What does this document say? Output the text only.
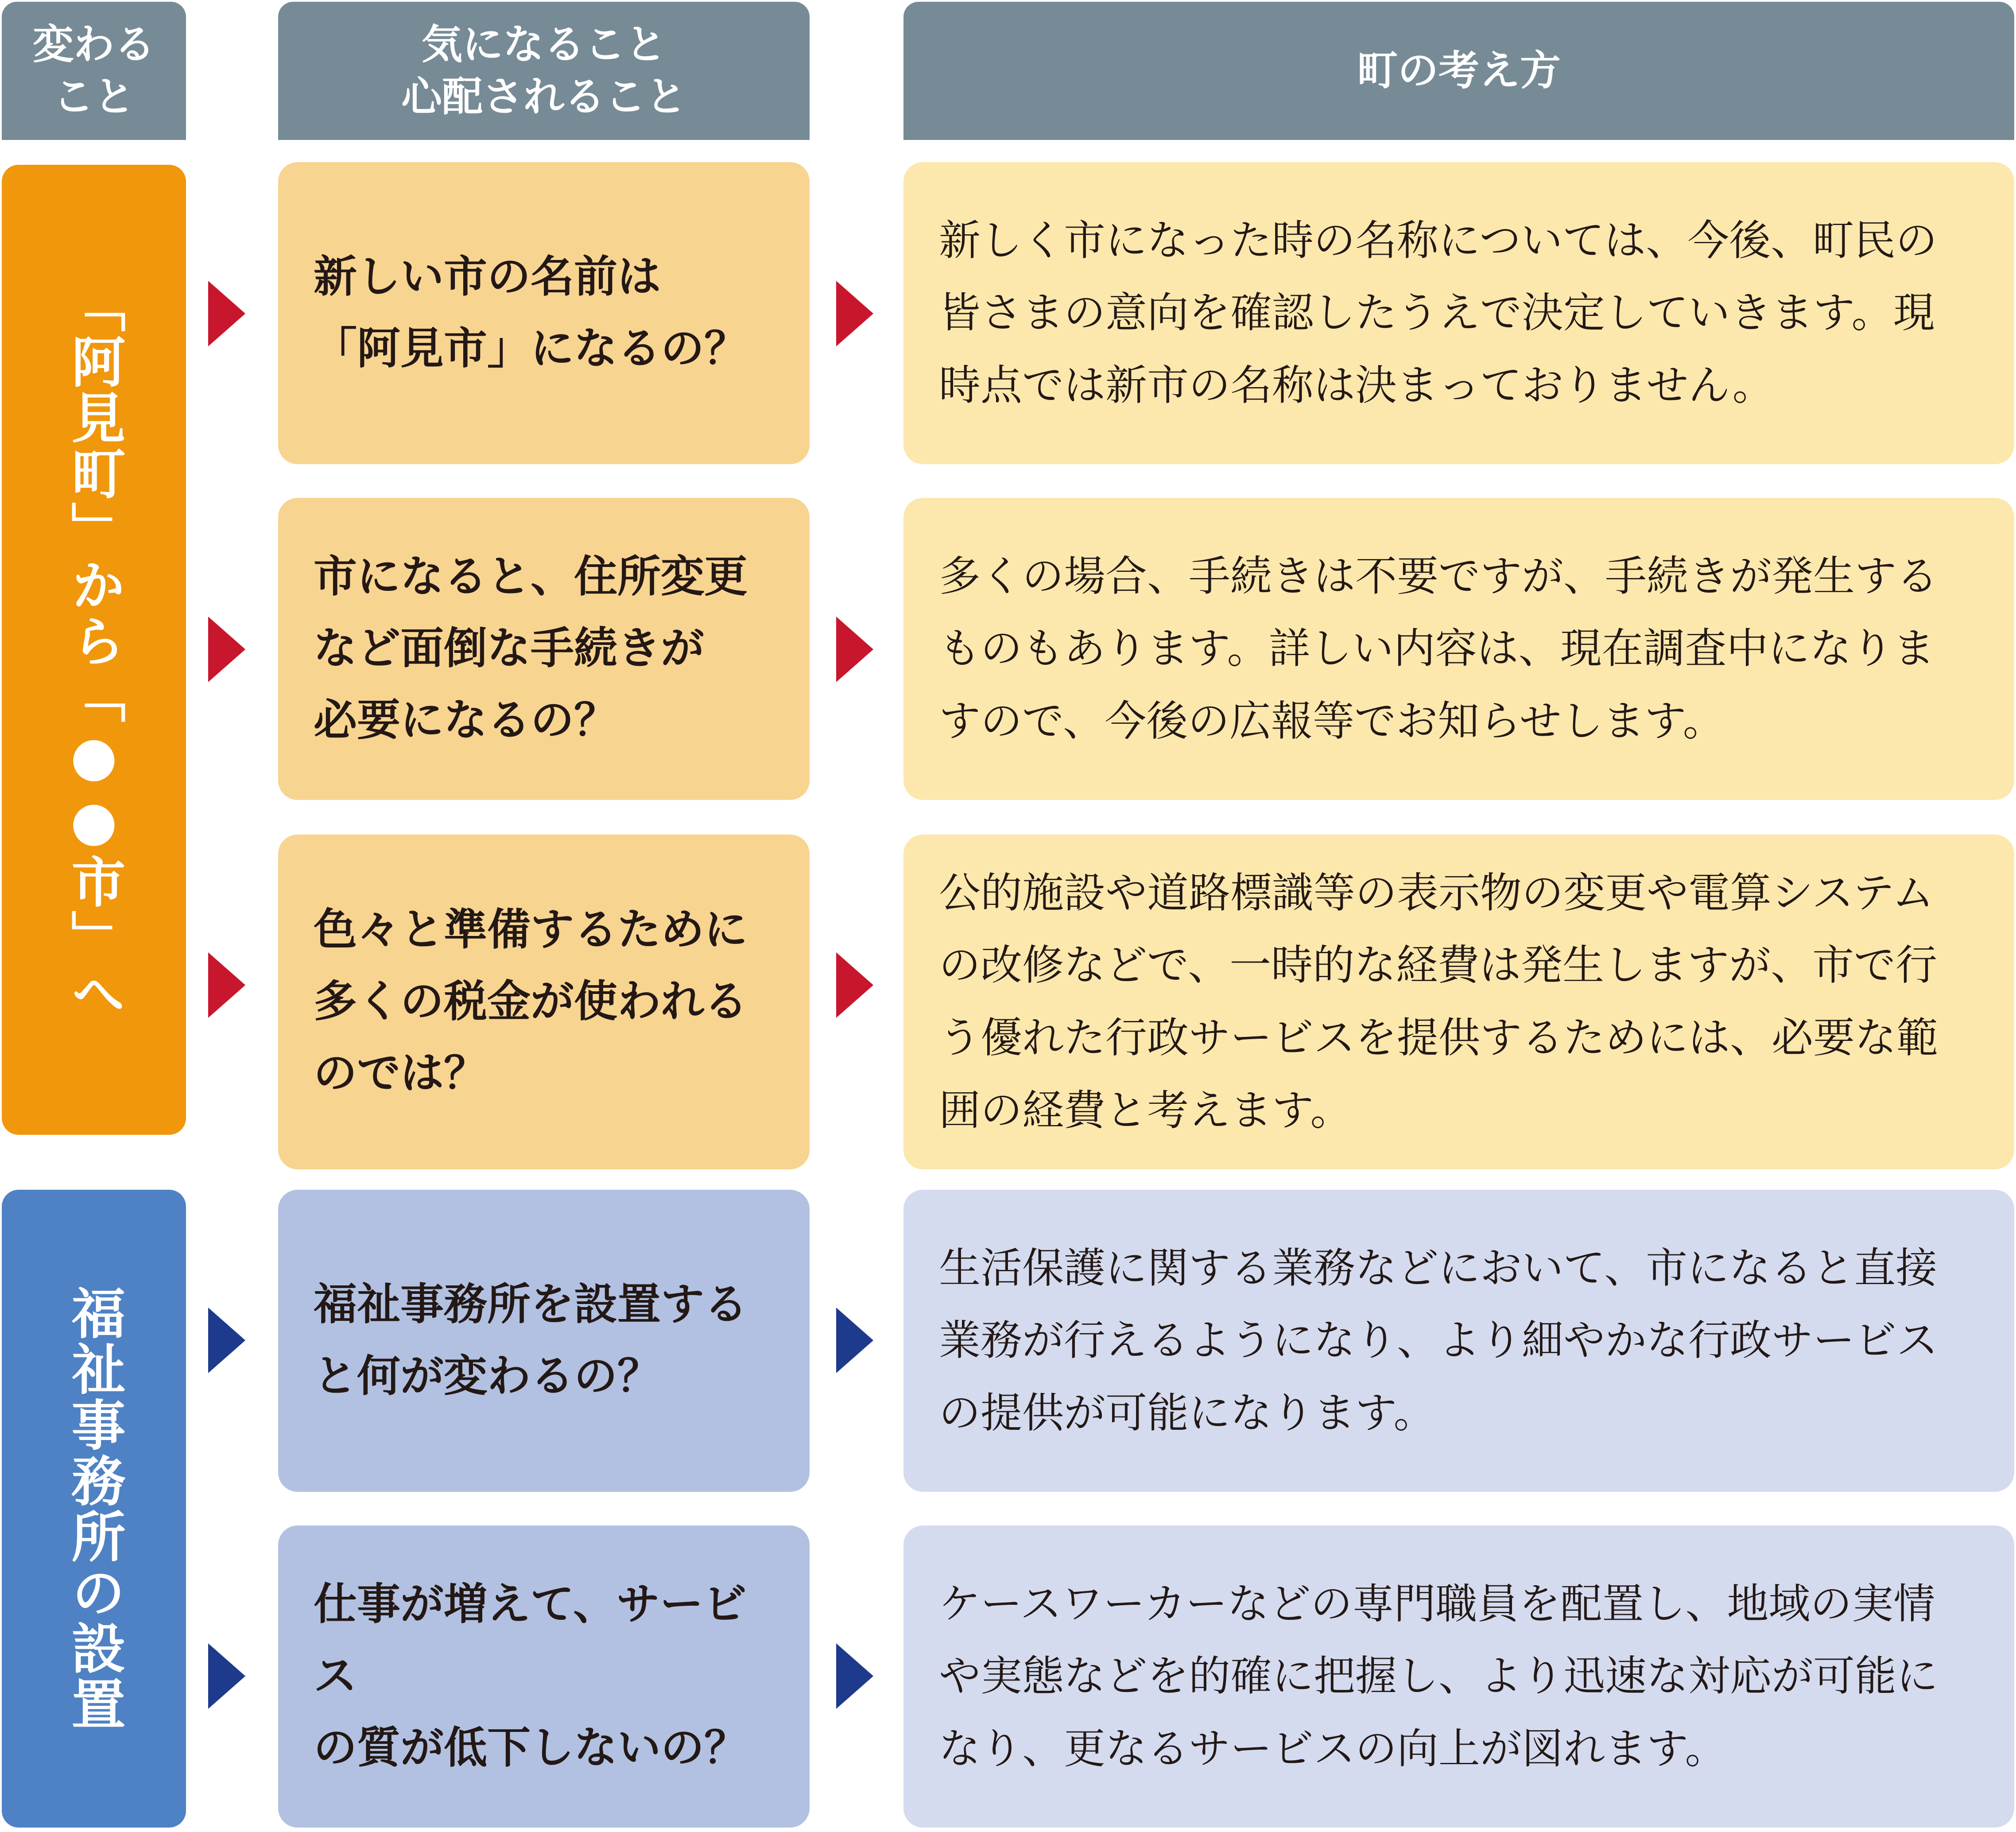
変わる
こと
気になること
心配されること
町の考え方
「阿見町」から「●●市」へ
福祉事務所の設置
新しい市の名前は
「阿見市」になるの？
新しく市になった時の名称については、今後、町民の
皆さまの意向を確認したうえで決定していきます。現
時点では新市の名称は決まっておりません。
市になると、住所変更
など面倒な手続きが
必要になるの？
多くの場合、手続きは不要ですが、手続きが発生する
ものもあります。詳しい内容は、現在調査中になりま
すので、今後の広報等でお知らせします。
色々と準備するために
多くの税金が使われる
のでは？
公的施設や道路標識等の表示物の変更や電算システム
の改修などで、一時的な経費は発生しますが、市で行
う優れた行政サービスを提供するためには、必要な範
囲の経費と考えます。
福祉事務所を設置する
と何が変わるの？
生活保護に関する業務などにおいて、市になると直接
業務が行えるようになり、より細やかな行政サービス
の提供が可能になります。
仕事が増えて、サービス
の質が低下しないの？
ケースワーカーなどの専門職員を配置し、地域の実情
や実態などを的確に把握し、より迅速な対応が可能に
なり、更なるサービスの向上が図れます。
